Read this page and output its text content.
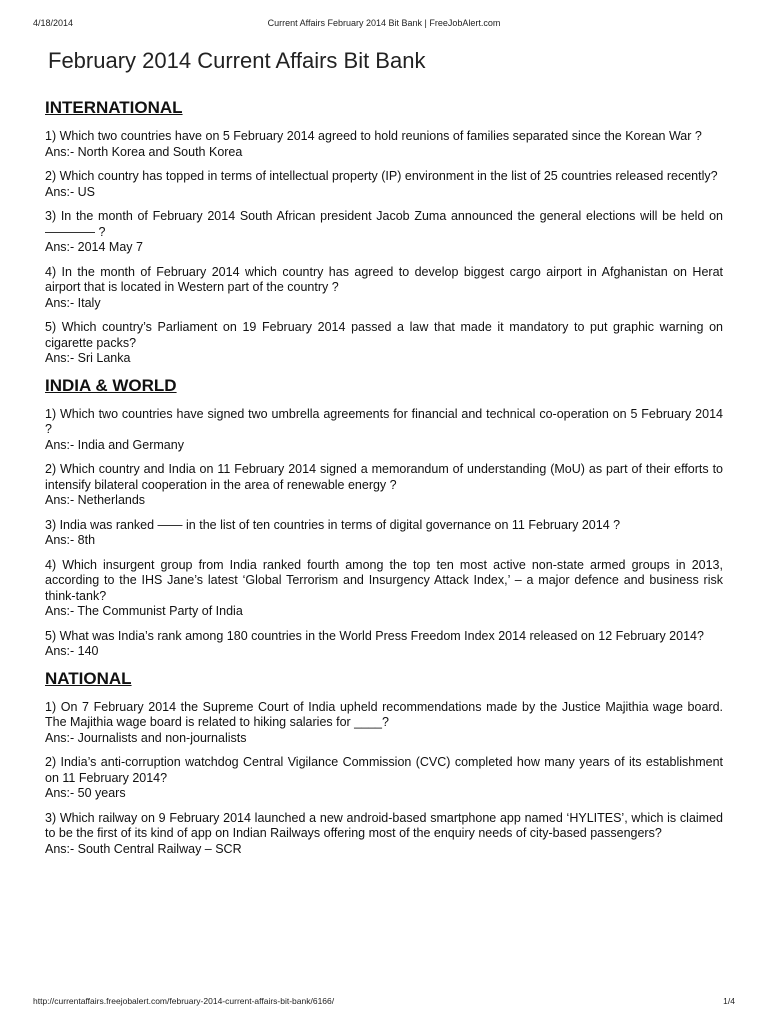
4/18/2014	Current Affairs February 2014 Bit Bank | FreeJobAlert.com
February 2014 Current Affairs Bit Bank
INTERNATIONAL
1) Which two countries have on 5 February 2014 agreed to hold reunions of families separated since the Korean War ?
Ans:- North Korea and South Korea
2) Which country has topped in terms of intellectual property (IP) environment in the list of 25 countries released recently?
Ans:- US
3) In the month of February 2014 South African president Jacob Zuma announced the general elections will be held on ———— ?
Ans:- 2014 May 7
4) In the month of February 2014 which country has agreed to develop biggest cargo airport in Afghanistan on Herat airport that is located in Western part of the country ?
Ans:- Italy
5) Which country’s Parliament on 19 February 2014 passed a law that made it mandatory to put graphic warning on cigarette packs?
Ans:- Sri Lanka
INDIA & WORLD
1) Which two countries have signed two umbrella agreements for financial and technical co-operation on 5 February 2014 ?
Ans:- India and Germany
2) Which country and India on 11 February 2014 signed a memorandum of understanding (MoU) as part of their efforts to intensify bilateral cooperation in the area of renewable energy ?
Ans:- Netherlands
3) India was ranked —— in the list of ten countries in terms of digital governance on 11 February 2014 ?
Ans:- 8th
4) Which insurgent group from India ranked fourth among the top ten most active non-state armed groups in 2013, according to the IHS Jane’s latest ‘Global Terrorism and Insurgency Attack Index,’ – a major defence and business risk think-tank?
Ans:- The Communist Party of India
5) What was India’s rank among 180 countries in the World Press Freedom Index 2014 released on 12 February 2014?
Ans:- 140
NATIONAL
1) On 7 February 2014 the Supreme Court of India upheld recommendations made by the Justice Majithia wage board. The Majithia wage board is related to hiking salaries for ____?
Ans:- Journalists and non-journalists
2) India’s anti-corruption watchdog Central Vigilance Commission (CVC) completed how many years of its establishment on 11 February 2014?
Ans:- 50 years
3) Which railway on 9 February 2014 launched a new android-based smartphone app named ‘HYLITES’, which is claimed to be the first of its kind of app on Indian Railways offering most of the enquiry needs of city-based passengers?
Ans:- South Central Railway – SCR
http://currentaffairs.freejobalert.com/february-2014-current-affairs-bit-bank/6166/	1/4
